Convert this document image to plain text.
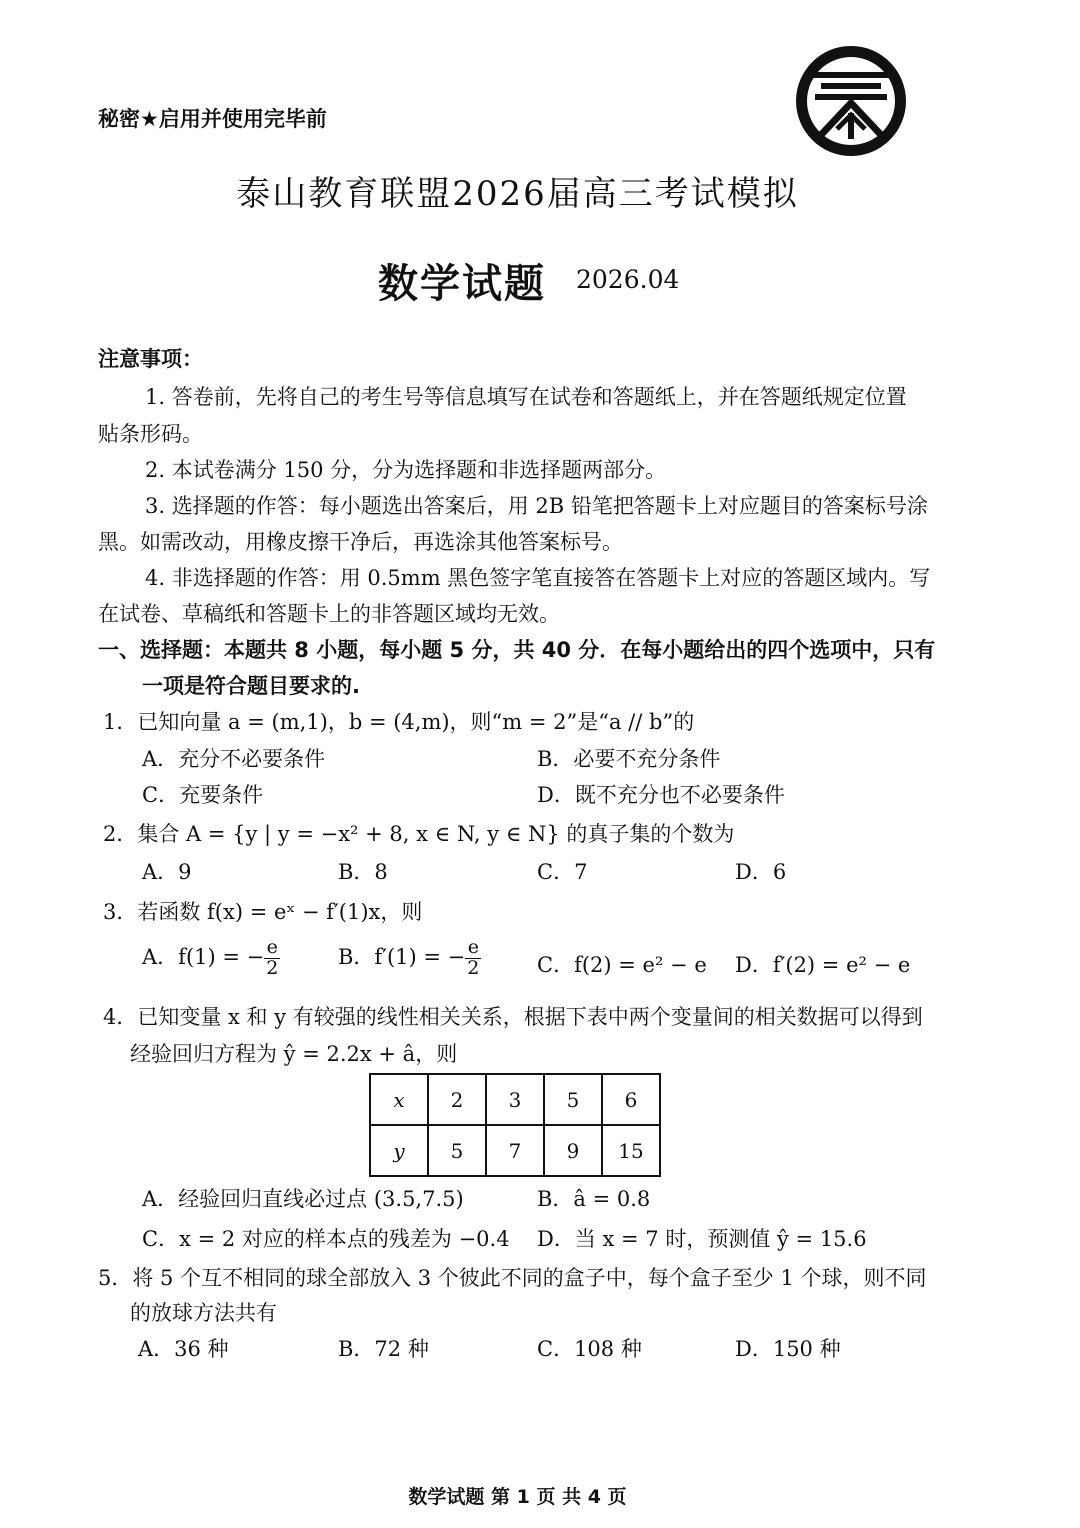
秘密★启用并使用完毕前
泰山教育联盟2026届高三考试模拟
数学试题 2026.04
注意事项：
1. 答卷前，先将自己的考生号等信息填写在试卷和答题纸上，并在答题纸规定位置
贴条形码。
2. 本试卷满分 150 分，分为选择题和非选择题两部分。
3. 选择题的作答：每小题选出答案后，用 2B 铅笔把答题卡上对应题目的答案标号涂
黑。如需改动，用橡皮擦干净后，再选涂其他答案标号。
4. 非选择题的作答：用 0.5mm 黑色签字笔直接答在答题卡上对应的答题区域内。写
在试卷、草稿纸和答题卡上的非答题区域均无效。
一、选择题：本题共 8 小题，每小题 5 分，共 40 分．在每小题给出的四个选项中，只有
一项是符合题目要求的.
1．已知向量 a = (m,1)，b = (4,m)，则“m = 2”是“a // b”的
A．充分不必要条件	B．必要不充分条件
C．充要条件	D．既不充分也不必要条件
2．集合 A = {y | y = −x² + 8, x ∈ N, y ∈ N} 的真子集的个数为
A．9	B．8	C．7	D．6
3．若函数 f(x) = eˣ − f′(1)x，则
A．f(1) = − $\frac{e}{2}$	B．f′(1) = − $\frac{e}{2}$	C．f(2) = e² − e D．f′(2) = e² − e
4．已知变量 x 和 y 有较强的线性相关关系，根据下表中两个变量间的相关数据可以得到
经验回归方程为 ŷ = 2.2x + â，则
x	2	3	5	6
y	5	7	9	15
A．经验回归直线必过点 (3.5,7.5)	B．â = 0.8
C．x = 2 对应的样本点的残差为 −0.4 D．当 x = 7 时，预测值 ŷ = 15.6
5．将 5 个互不相同的球全部放入 3 个彼此不同的盒子中，每个盒子至少 1 个球，则不同
的放球方法共有
A．36 种	B．72 种	C．108 种	D．150 种
数学试题 第 1 页 共 4 页
